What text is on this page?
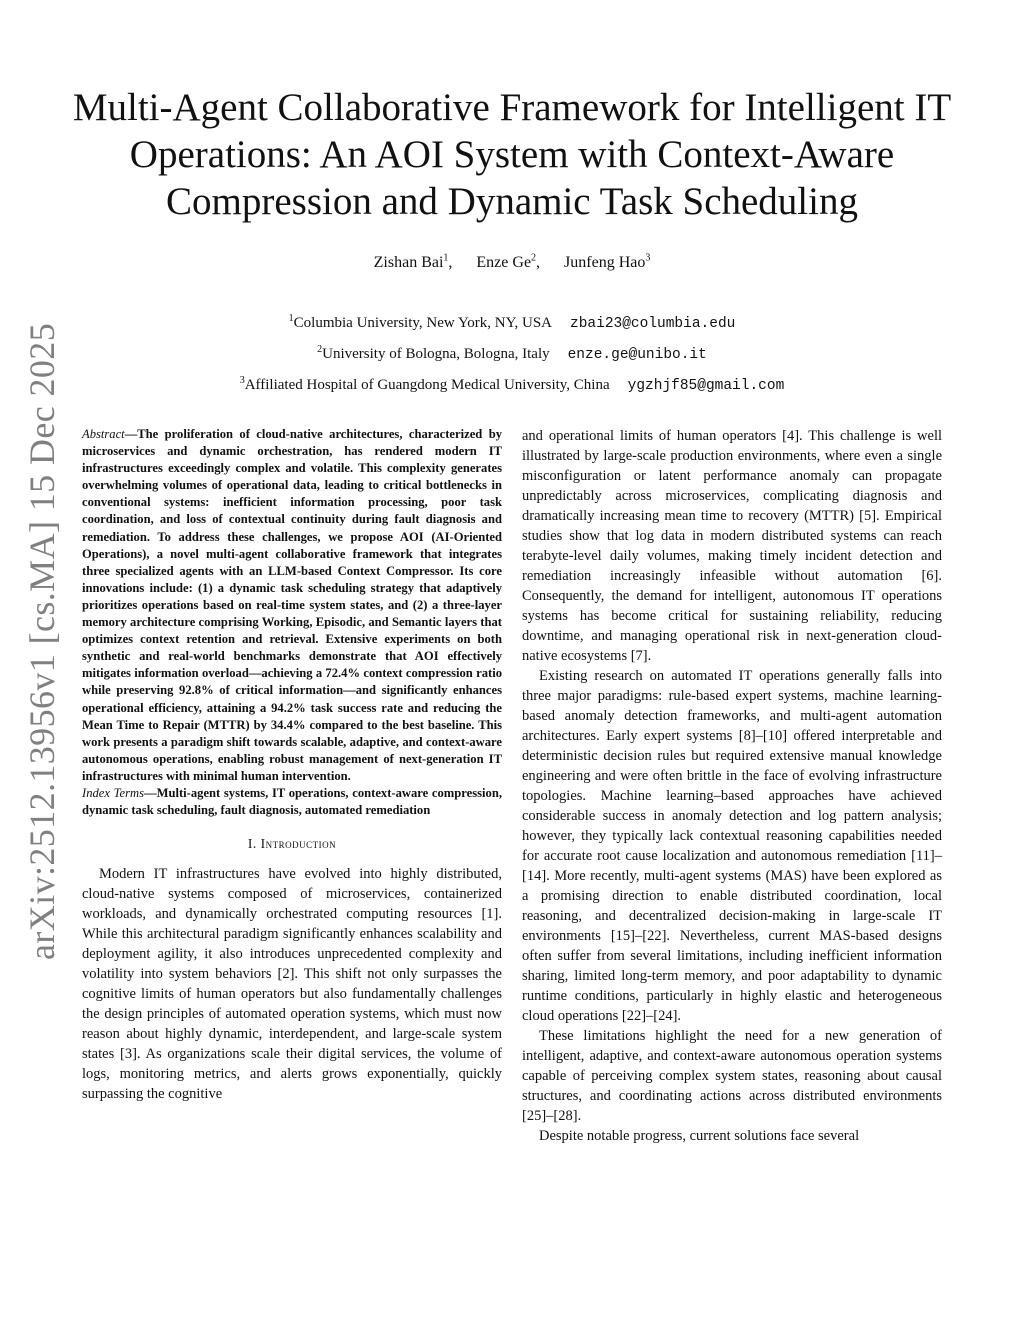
arXiv:2512.13956v1 [cs.MA] 15 Dec 2025
Multi-Agent Collaborative Framework for Intelligent IT Operations: An AOI System with Context-Aware Compression and Dynamic Task Scheduling
Zishan Bai$^1$, Enze Ge$^2$, Junfeng Hao$^3$
$^1$Columbia University, New York, NY, USA zbai23@columbia.edu
$^2$University of Bologna, Bologna, Italy enze.ge@unibo.it
$^3$Affiliated Hospital of Guangdong Medical University, China ygzhjf85@gmail.com

Abstract—The proliferation of cloud-native architectures, characterized by microservices and dynamic orchestration, has rendered modern IT infrastructures exceedingly complex and volatile. This complexity generates overwhelming volumes of operational data, leading to critical bottlenecks in conventional systems: inefficient information processing, poor task coordination, and loss of contextual continuity during fault diagnosis and remediation. To address these challenges, we propose AOI (AI-Oriented Operations), a novel multi-agent collaborative framework that integrates three specialized agents with an LLM-based Context Compressor. Its core innovations include: (1) a dynamic task scheduling strategy that adaptively prioritizes operations based on real-time system states, and (2) a three-layer memory architecture comprising Working, Episodic, and Semantic layers that optimizes context retention and retrieval. Extensive experiments on both synthetic and real-world benchmarks demonstrate that AOI effectively mitigates information overload—achieving a 72.4% context compression ratio while preserving 92.8% of critical information—and significantly enhances operational efficiency, attaining a 94.2% task success rate and reducing the Mean Time to Repair (MTTR) by 34.4% compared to the best baseline. This work presents a paradigm shift towards scalable, adaptive, and context-aware autonomous operations, enabling robust management of next-generation IT infrastructures with minimal human intervention.

Index Terms—Multi-agent systems, IT operations, context-aware compression, dynamic task scheduling, fault diagnosis, automated remediation

I. Introduction

Modern IT infrastructures have evolved into highly distributed, cloud-native systems composed of microservices, containerized workloads, and dynamically orchestrated computing resources [1]. While this architectural paradigm significantly enhances scalability and deployment agility, it also introduces unprecedented complexity and volatility into system behaviors [2]. This shift not only surpasses the cognitive limits of human operators but also fundamentally challenges the design principles of automated operation systems, which must now reason about highly dynamic, interdependent, and large-scale system states [3]. As organizations scale their digital services, the volume of logs, monitoring metrics, and alerts grows exponentially, quickly surpassing the cognitive

and operational limits of human operators [4]. This challenge is well illustrated by large-scale production environments, where even a single misconfiguration or latent performance anomaly can propagate unpredictably across microservices, complicating diagnosis and dramatically increasing mean time to recovery (MTTR) [5]. Empirical studies show that log data in modern distributed systems can reach terabyte-level daily volumes, making timely incident detection and remediation increasingly infeasible without automation [6]. Consequently, the demand for intelligent, autonomous IT operations systems has become critical for sustaining reliability, reducing downtime, and managing operational risk in next-generation cloud-native ecosystems [7].

Existing research on automated IT operations generally falls into three major paradigms: rule-based expert systems, machine learning-based anomaly detection frameworks, and multi-agent automation architectures. Early expert systems [8]–[10] offered interpretable and deterministic decision rules but required extensive manual knowledge engineering and were often brittle in the face of evolving infrastructure topologies. Machine learning–based approaches have achieved considerable success in anomaly detection and log pattern analysis; however, they typically lack contextual reasoning capabilities needed for accurate root cause localization and autonomous remediation [11]–[14]. More recently, multi-agent systems (MAS) have been explored as a promising direction to enable distributed coordination, local reasoning, and decentralized decision-making in large-scale IT environments [15]–[22]. Nevertheless, current MAS-based designs often suffer from several limitations, including inefficient information sharing, limited long-term memory, and poor adaptability to dynamic runtime conditions, particularly in highly elastic and heterogeneous cloud operations [22]–[24].

These limitations highlight the need for a new generation of intelligent, adaptive, and context-aware autonomous operation systems capable of perceiving complex system states, reasoning about causal structures, and coordinating actions across distributed environments [25]–[28].

Despite notable progress, current solutions face several
